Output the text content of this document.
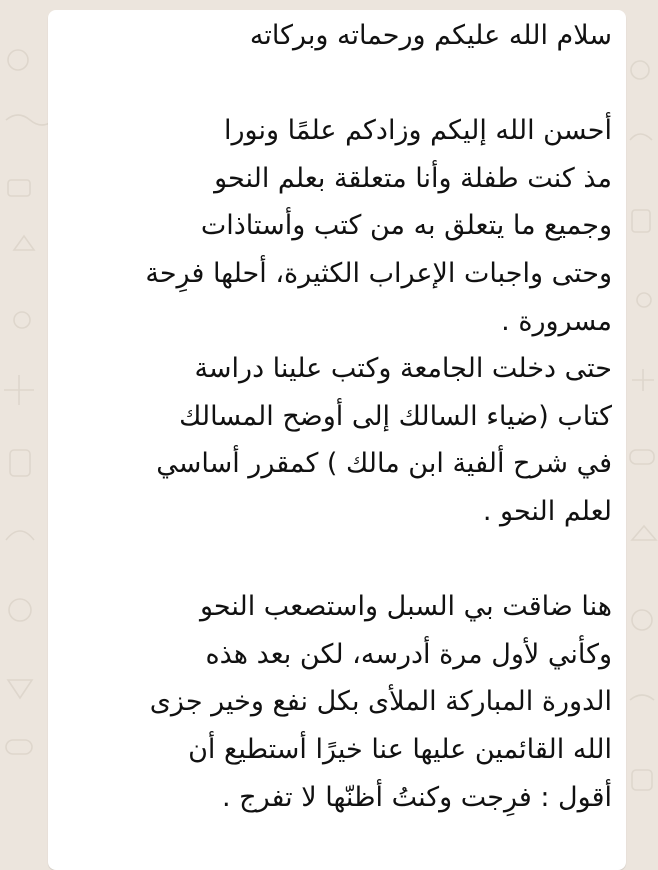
سلام الله عليكم ورحماته وبركاته
أحسن الله إليكم وزادكم علمًا ونورا
مذ كنت طفلة وأنا متعلقة بعلم النحو
وجميع ما يتعلق به من كتب وأستاذات
وحتى واجبات الإعراب الكثيرة، أحلها فرِحة
مسرورة .
حتى دخلت الجامعة وكتب علينا دراسة
كتاب (ضياء السالك إلى أوضح المسالك
في شرح ألفية ابن مالك ) كمقرر أساسي
لعلم النحو .
هنا ضاقت بي السبل واستصعب النحو
وكأني لأول مرة أدرسه، لكن بعد هذه
الدورة المباركة الملأى بكل نفع وخير جزى
الله القائمين عليها عنا خيرًا أستطيع أن
أقول : فرِجت وكنتُ أظنّها لا تفرج .
